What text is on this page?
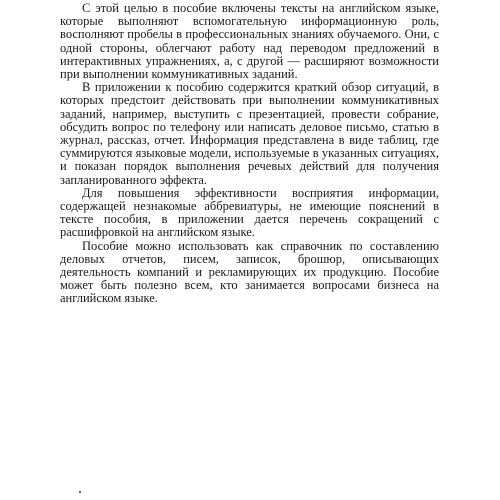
С этой целью в пособие включены тексты на английском языке, которые выполняют вспомогательную информационную роль, восполняют пробелы в профессиональных знаниях обучаемого. Они, с одной стороны, облегчают работу над переводом предложений в интерактивных упражнениях, а, с другой — расширяют возможности при выполнении коммуникативных заданий.

В приложении к пособию содержится краткий обзор ситуаций, в которых предстоит действовать при выполнении коммуникативных заданий, например, выступить с презентацией, провести собрание, обсудить вопрос по телефону или написать деловое письмо, статью в журнал, рассказ, отчет. Информация представлена в виде таблиц, где суммируются языковые модели, используемые в указанных ситуациях, и показан порядок выполнения речевых действий для получения запланированного эффекта.

Для повышения эффективности восприятия информации, содержащей незнакомые аббревиатуры, не имеющие пояснений в тексте пособия, в приложении дается перечень сокращений с расшифровкой на английском языке.

Пособие можно использовать как справочник по составлению деловых отчетов, писем, записок, брошюр, описывающих деятельность компаний и рекламирующих их продукцию. Пособие может быть полезно всем, кто занимается вопросами бизнеса на английском языке.
